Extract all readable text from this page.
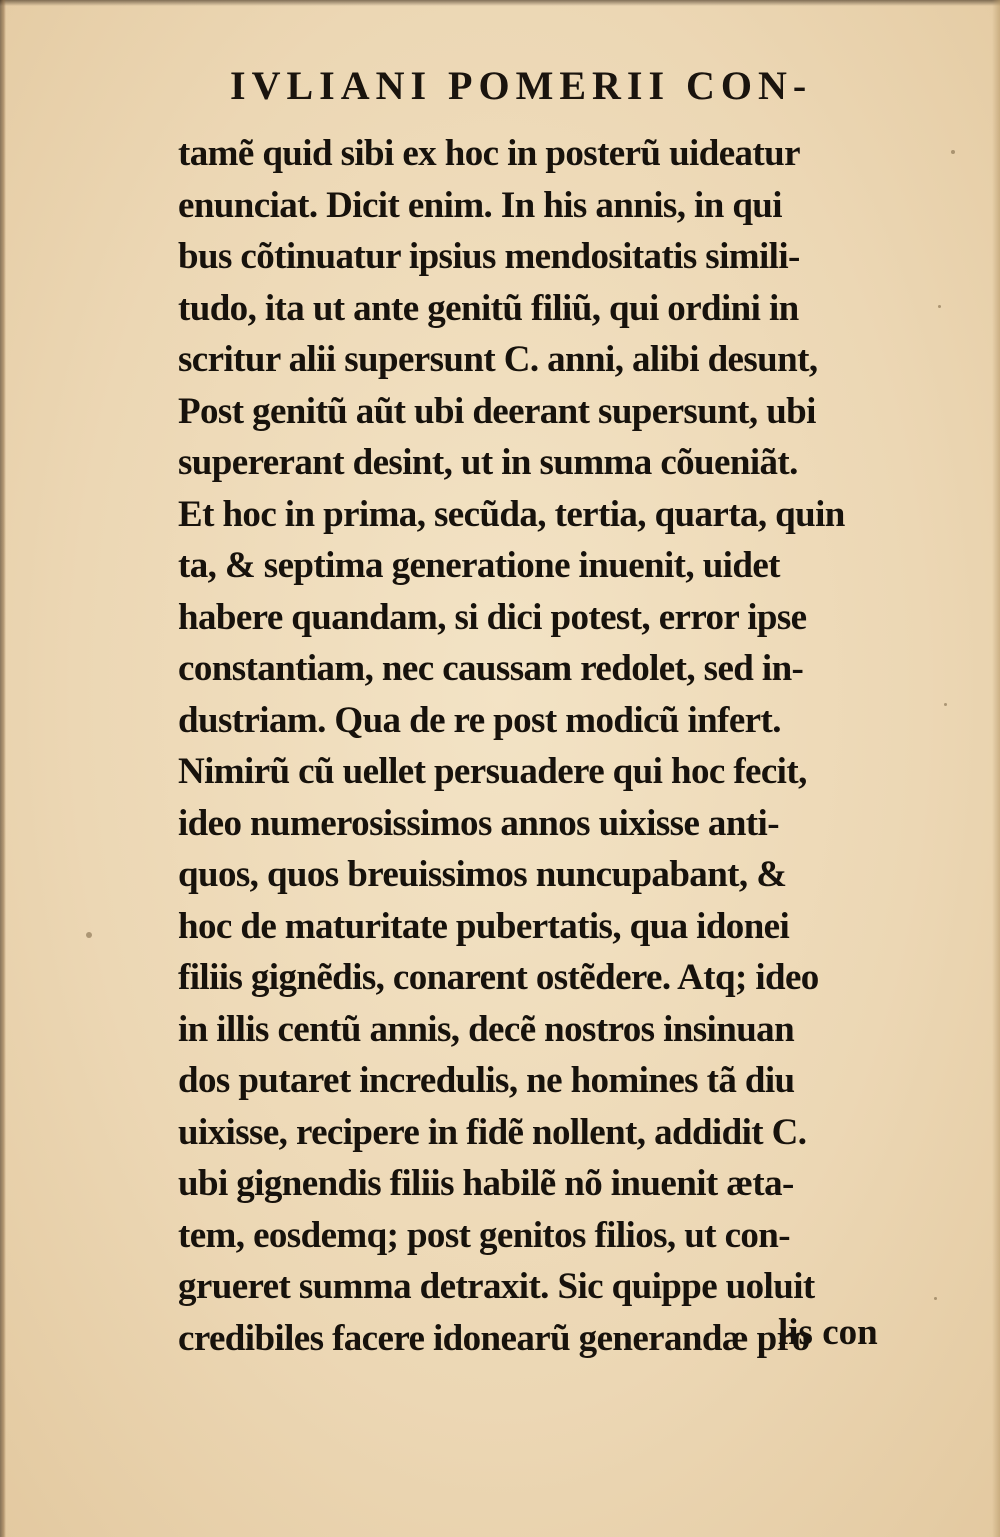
IVLIANI POMERII CON-
tamẽ quid sibi ex hoc in posterũ uideatur
enunciat. Dicit enim. In his annis, in qui
bus cõtinuatur ipsius mendositatis simili-
tudo, ita ut ante genitũ filiũ, qui ordini in
scritur alii supersunt C. anni, alibi desunt,
Post genitũ aũt ubi deerant supersunt, ubi
supererant desint, ut in summa cõueniãt.
Et hoc in prima, secũda, tertia, quarta, quin
ta, & septima generatione inuenit, uidet
habere quandam, si dici potest, error ipse
constantiam, nec caussam redolet, sed in-
dustriam. Qua de re post modicũ infert.
Nimirũ cũ uellet persuadere qui hoc fecit,
ideo numerosissimos annos uixisse anti-
quos, quos breuissimos nuncupabant, &
hoc de maturitate pubertatis, qua idonei
filiis gignẽdis, conarent ostẽdere. Atq; ideo
in illis centũ annis, decẽ nostros insinuan
dos putaret incredulis, ne homines tã diu
uixisse, recipere in fidẽ nollent, addidit C.
ubi gignendis filiis habilẽ nõ inuenit æta-
tem, eosdemq; post genitos filios, ut con-
grueret summa detraxit. Sic quippe uoluit
credibiles facere idonearũ generandæ pro
lis con
